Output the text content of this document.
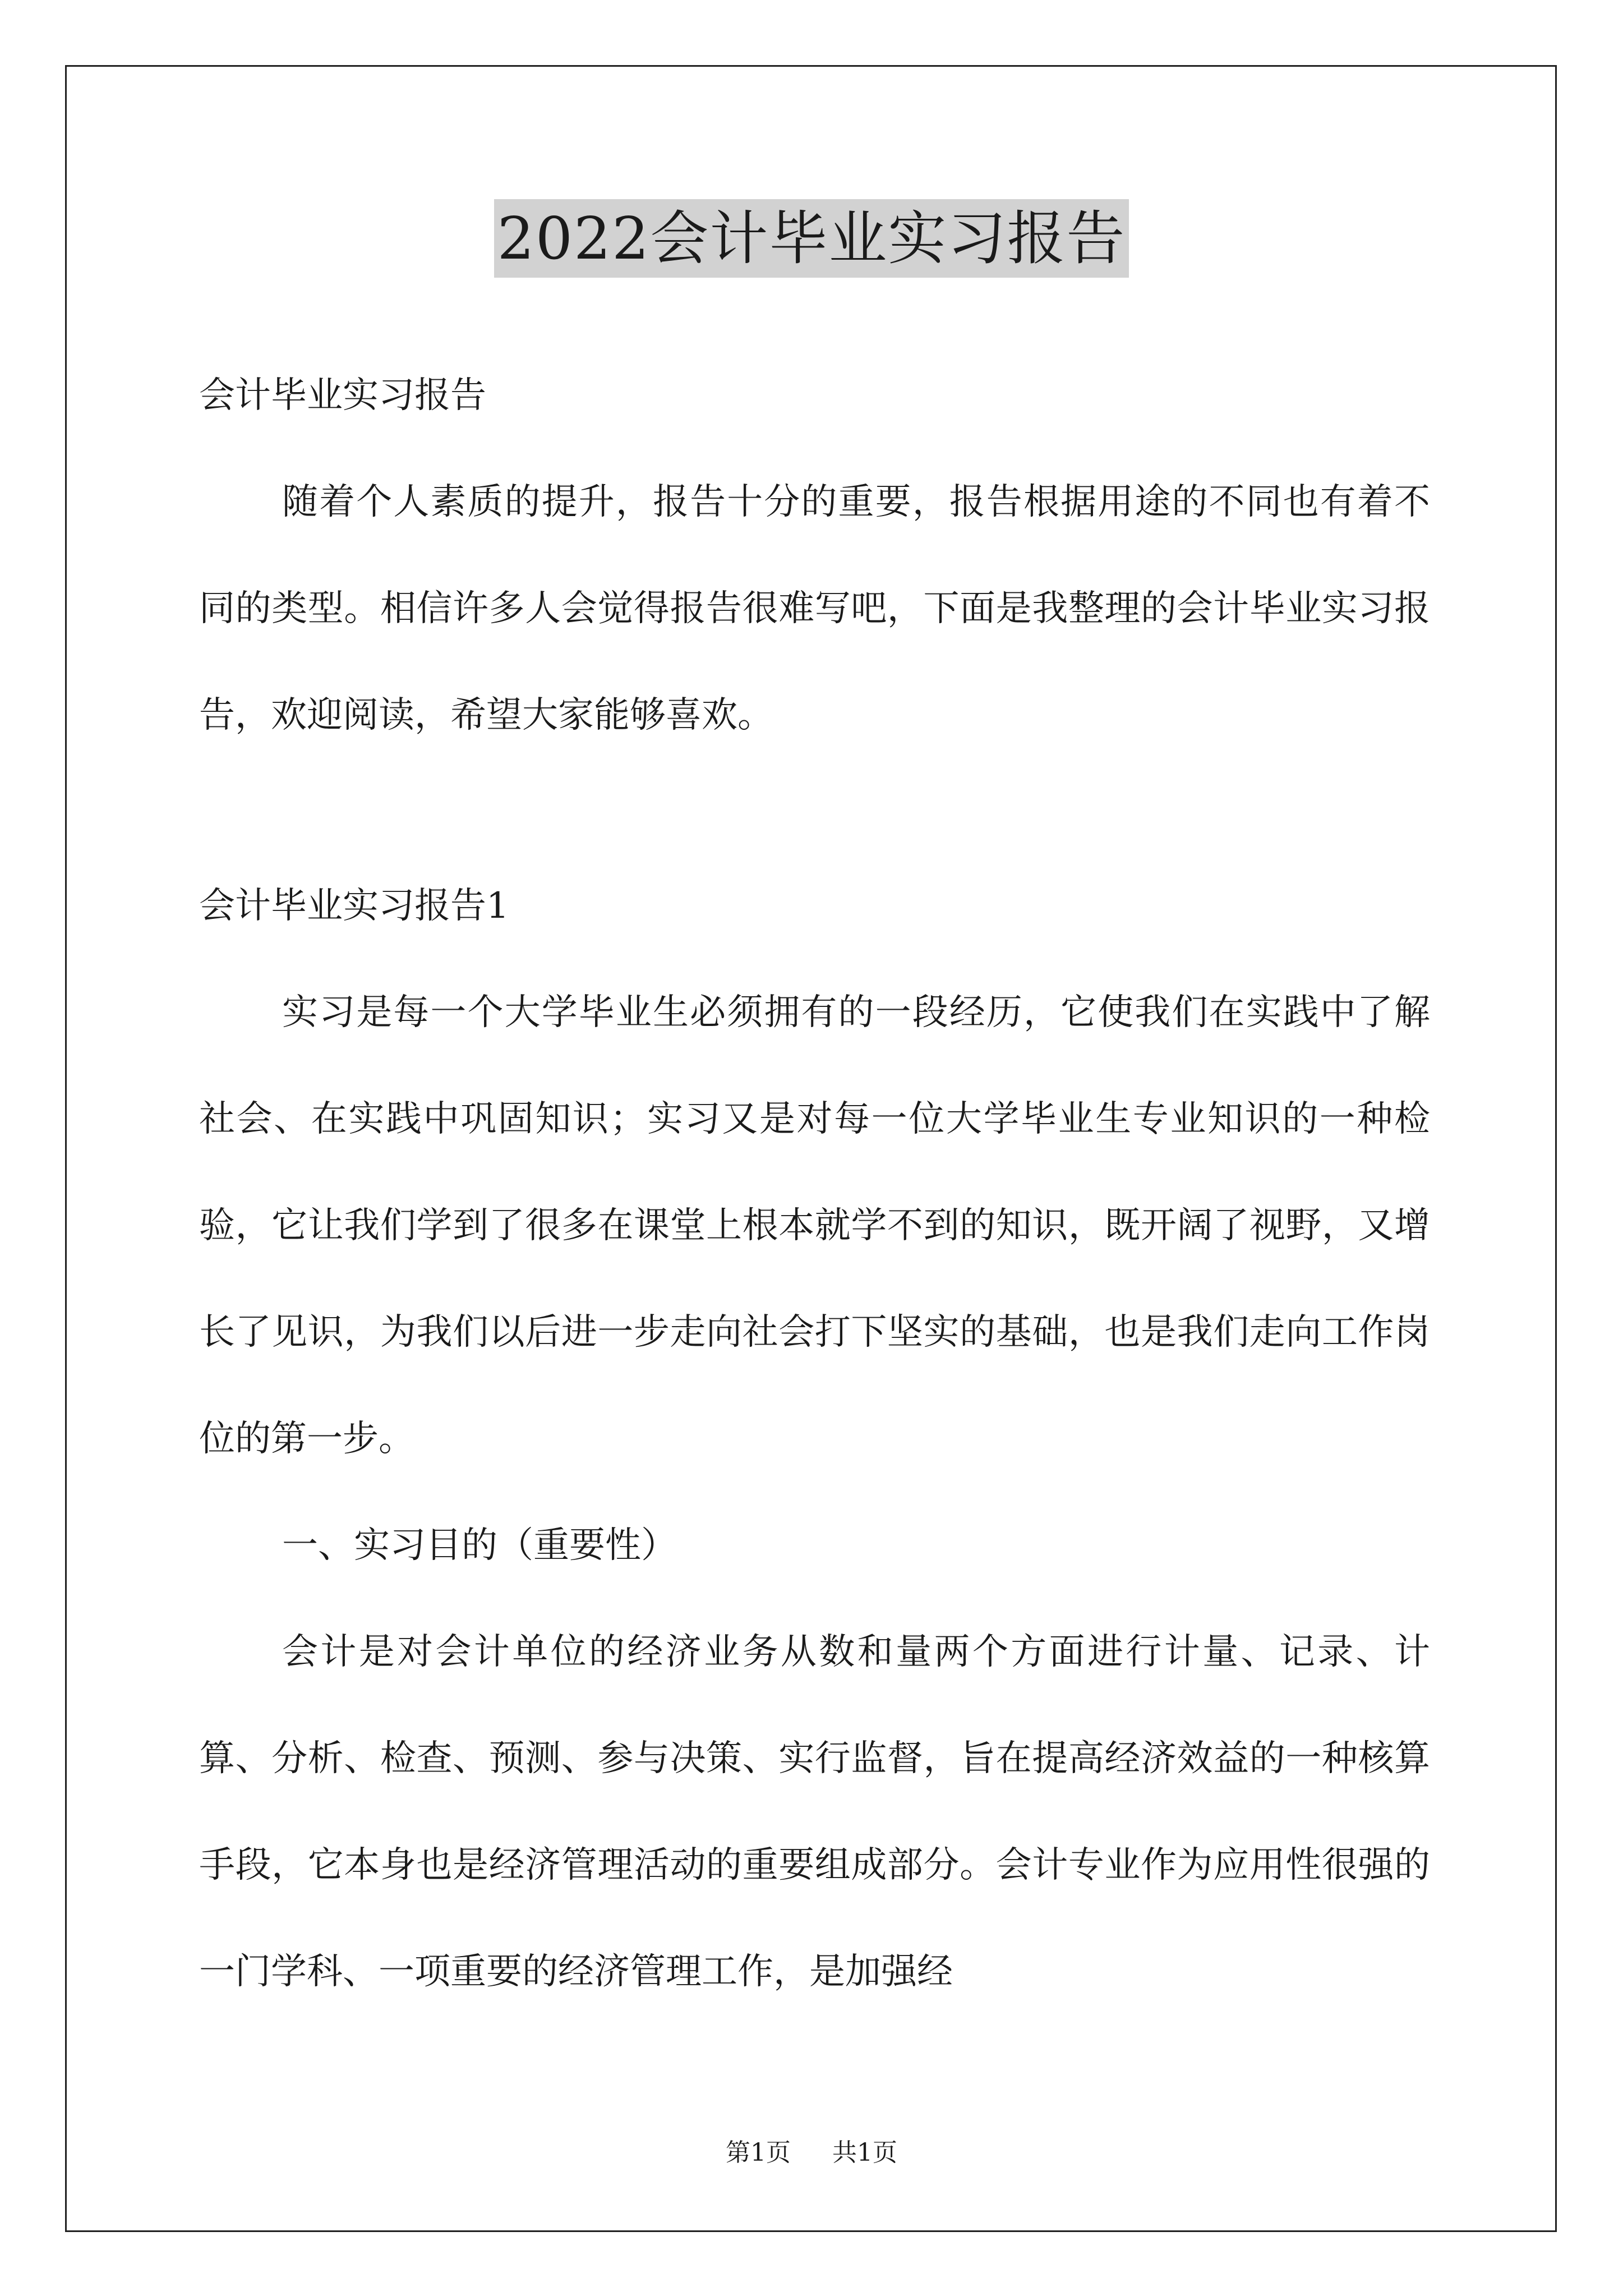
2022会计毕业实习报告

会计毕业实习报告

随着个人素质的提升，报告十分的重要，报告根据用途的不同也有着不同的类型。相信许多人会觉得报告很难写吧，下面是我整理的会计毕业实习报告，欢迎阅读，希望大家能够喜欢。

会计毕业实习报告1

实习是每一个大学毕业生必须拥有的一段经历，它使我们在实践中了解社会、在实践中巩固知识；实习又是对每一位大学毕业生专业知识的一种检验，它让我们学到了很多在课堂上根本就学不到的知识，既开阔了视野，又增长了见识，为我们以后进一步走向社会打下坚实的基础，也是我们走向工作岗位的第一步。

一、实习目的（重要性）

会计是对会计单位的经济业务从数和量两个方面进行计量、记录、计算、分析、检查、预测、参与决策、实行监督，旨在提高经济效益的一种核算手段，它本身也是经济管理活动的重要组成部分。会计专业作为应用性很强的一门学科、一项重要的经济管理工作，是加强经

第1页 共1页
